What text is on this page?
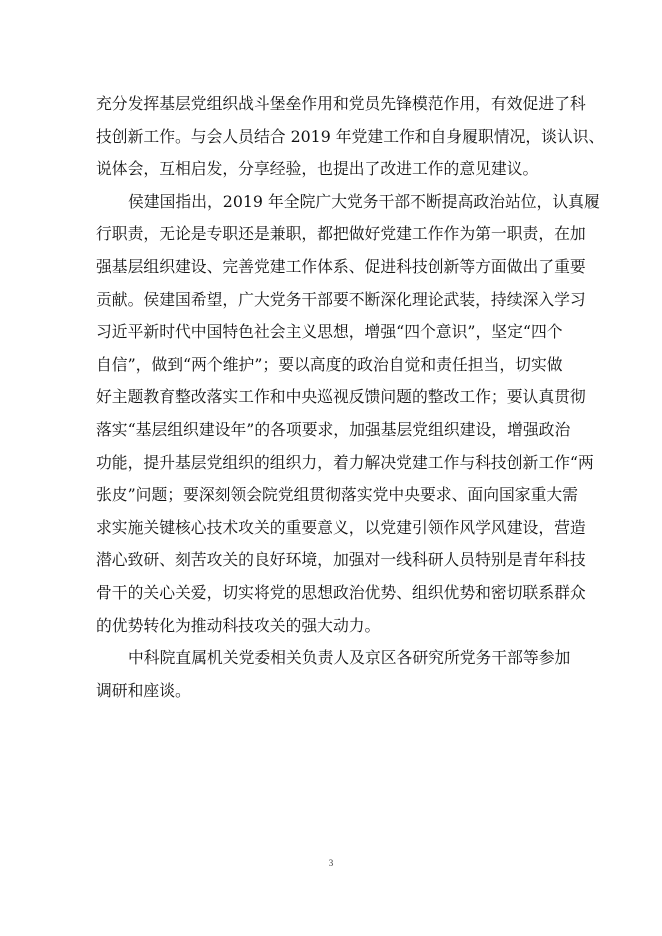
充分发挥基层党组织战斗堡垒作用和党员先锋模范作用，有效促进了科
技创新工作。与会人员结合 2019 年党建工作和自身履职情况，谈认识、
说体会，互相启发，分享经验，也提出了改进工作的意见建议。

侯建国指出，2019 年全院广大党务干部不断提高政治站位，认真履
行职责，无论是专职还是兼职，都把做好党建工作作为第一职责，在加
强基层组织建设、完善党建工作体系、促进科技创新等方面做出了重要
贡献。侯建国希望，广大党务干部要不断深化理论武装，持续深入学习
习近平新时代中国特色社会主义思想，增强“四个意识”，坚定“四个
自信”，做到“两个维护”；要以高度的政治自觉和责任担当，切实做
好主题教育整改落实工作和中央巡视反馈问题的整改工作；要认真贯彻
落实“基层组织建设年”的各项要求，加强基层党组织建设，增强政治
功能，提升基层党组织的组织力，着力解决党建工作与科技创新工作“两
张皮”问题；要深刻领会院党组贯彻落实党中央要求、面向国家重大需
求实施关键核心技术攻关的重要意义，以党建引领作风学风建设，营造
潜心致研、刻苦攻关的良好环境，加强对一线科研人员特别是青年科技
骨干的关心关爱，切实将党的思想政治优势、组织优势和密切联系群众
的优势转化为推动科技攻关的强大动力。

中科院直属机关党委相关负责人及京区各研究所党务干部等参加
调研和座谈。

3
